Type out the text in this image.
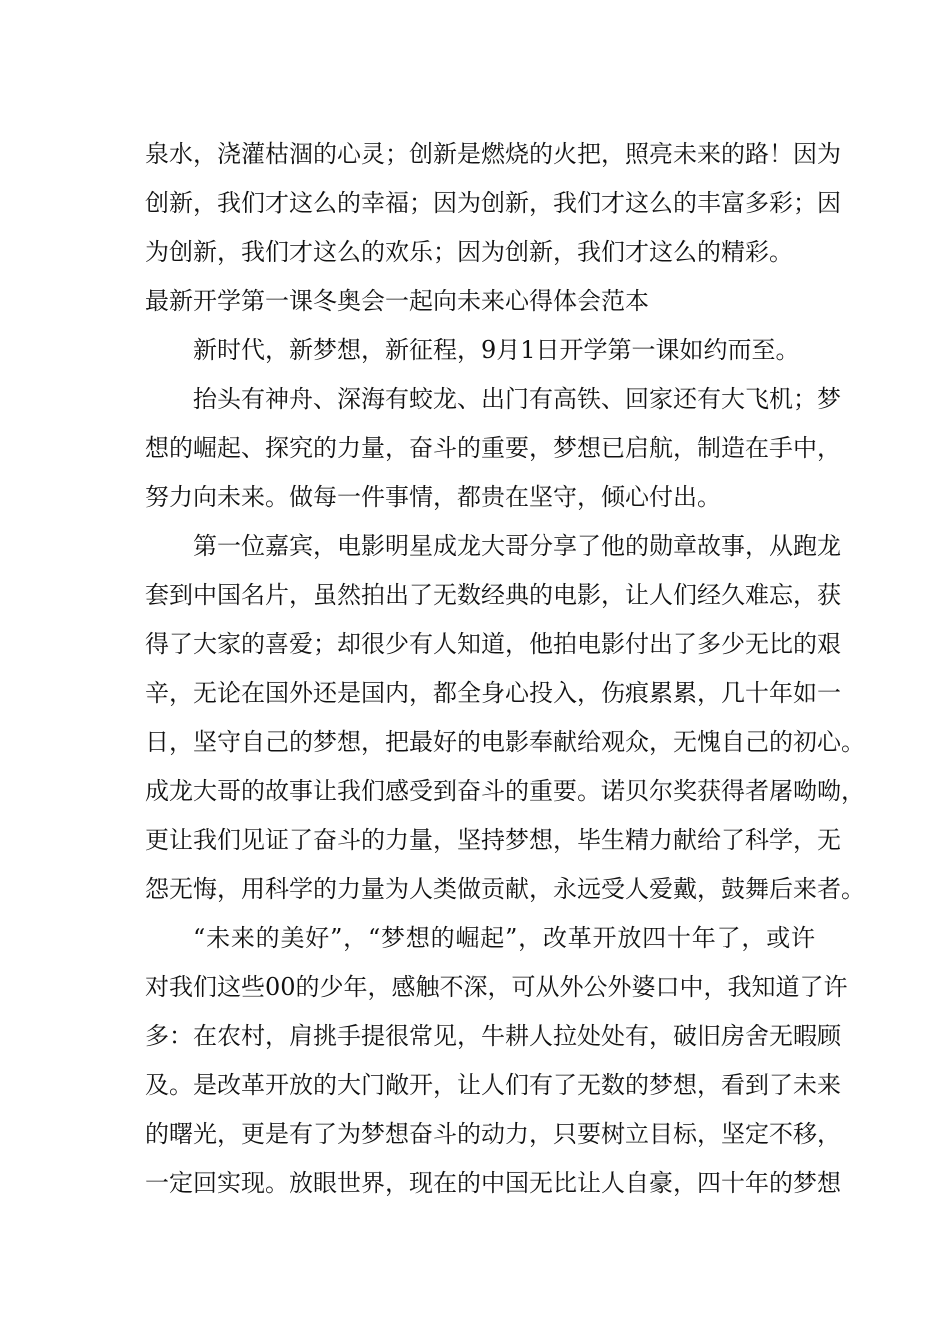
泉水，浇灌枯涸的心灵；创新是燃烧的火把，照亮未来的路！因为
创新，我们才这么的幸福；因为创新，我们才这么的丰富多彩；因
为创新，我们才这么的欢乐；因为创新，我们才这么的精彩。
最新开学第一课冬奥会一起向未来心得体会范本
新时代，新梦想，新征程，9月1日开学第一课如约而至。
抬头有神舟、深海有蛟龙、出门有高铁、回家还有大飞机；梦
想的崛起、探究的力量，奋斗的重要，梦想已启航，制造在手中，
努力向未来。做每一件事情，都贵在坚守，倾心付出。
第一位嘉宾，电影明星成龙大哥分享了他的勋章故事，从跑龙
套到中国名片，虽然拍出了无数经典的电影，让人们经久难忘，获
得了大家的喜爱；却很少有人知道，他拍电影付出了多少无比的艰
辛，无论在国外还是国内，都全身心投入，伤痕累累，几十年如一
日，坚守自己的梦想，把最好的电影奉献给观众，无愧自己的初心。
成龙大哥的故事让我们感受到奋斗的重要。诺贝尔奖获得者屠呦呦，
更让我们见证了奋斗的力量，坚持梦想，毕生精力献给了科学，无
怨无悔，用科学的力量为人类做贡献，永远受人爱戴，鼓舞后来者。
“未来的美好”，“梦想的崛起”，改革开放四十年了，或许
对我们这些00的少年，感触不深，可从外公外婆口中，我知道了许
多：在农村，肩挑手提很常见，牛耕人拉处处有，破旧房舍无暇顾
及。是改革开放的大门敞开，让人们有了无数的梦想，看到了未来
的曙光，更是有了为梦想奋斗的动力，只要树立目标，坚定不移，
一定回实现。放眼世界，现在的中国无比让人自豪，四十年的梦想
